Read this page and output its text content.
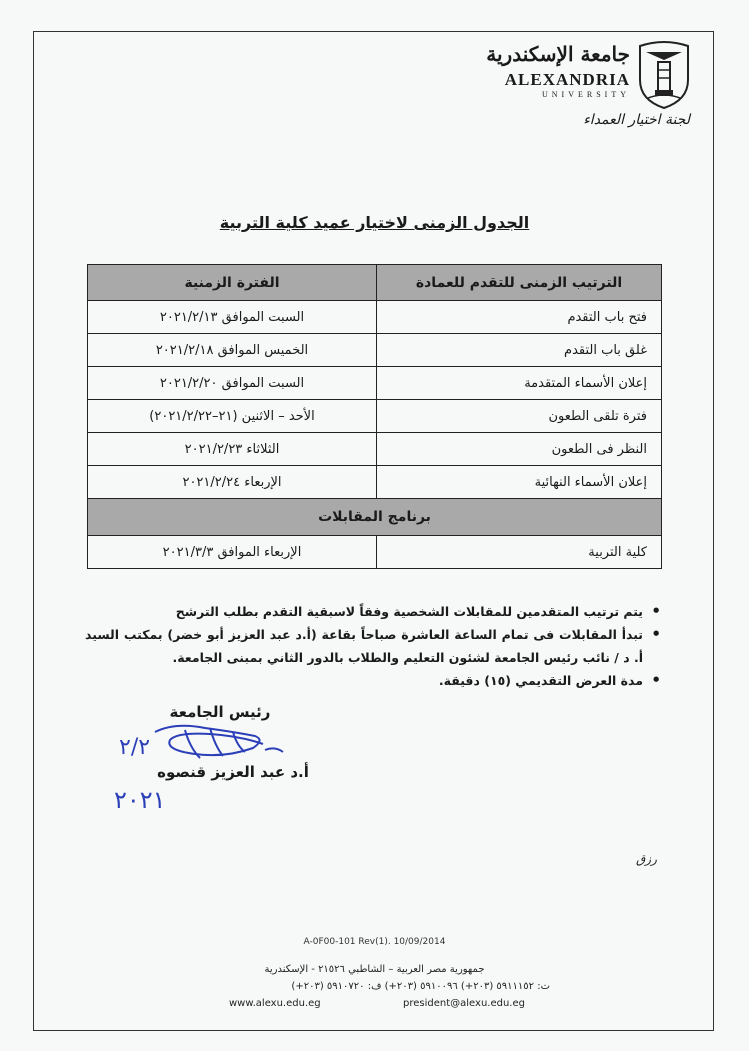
جامعة الإسكندرية
ALEXANDRIA
UNIVERSITY
لجنة اختيار العمداء
الجدول الزمنى لاختيار عميد كلية التربية
الترتيب الزمنى للتقدم للعمادة	الفترة الزمنية
فتح باب التقدم	السبت الموافق ٢٠٢١/٢/١٣
غلق باب التقدم	الخميس الموافق ٢٠٢١/٢/١٨
إعلان الأسماء المتقدمة	السبت الموافق ٢٠٢١/٢/٢٠
فترة تلقى الطعون	الأحد – الاثنين (٢١–٢٠٢١/٢/٢٢)
النظر فى الطعون	الثلاثاء ٢٠٢١/٢/٢٣
إعلان الأسماء النهائية	الإربعاء ٢٠٢١/٢/٢٤
برنامج المقابلات	
كلية التربية	الإربعاء الموافق ٢٠٢١/٣/٣
• يتم ترتيب المتقدمين للمقابلات الشخصية وفقاً لاسبقية التقدم بطلب الترشح
• تبدأ المقابلات فى تمام الساعة العاشرة صباحاً بقاعة (أ.د عبد العزيز أبو خضر) بمكتب السيد أ. د / نائب رئيس الجامعة لشئون التعليم والطلاب بالدور الثاني بمبنى الجامعة.
• مدة العرض التقديمي (١٥) دقيقة.
رئيس الجامعة
٢/٢
أ.د عبد العزيز قنصوه
٢٠٢١
رزق
A-0F00-101 Rev(1). 10/09/2014
جمهورية مصر العربية – الشاطبي ٢١٥٢٦ - الإسكندرية
ت: ٥٩١١١٥٢ (٢٠٣+) ٥٩١٠٠٩٦ (٢٠٣+) ف: ٥٩١٠٧٢٠ (٢٠٣+)
www.alexu.edu.eg	president@alexu.edu.eg
